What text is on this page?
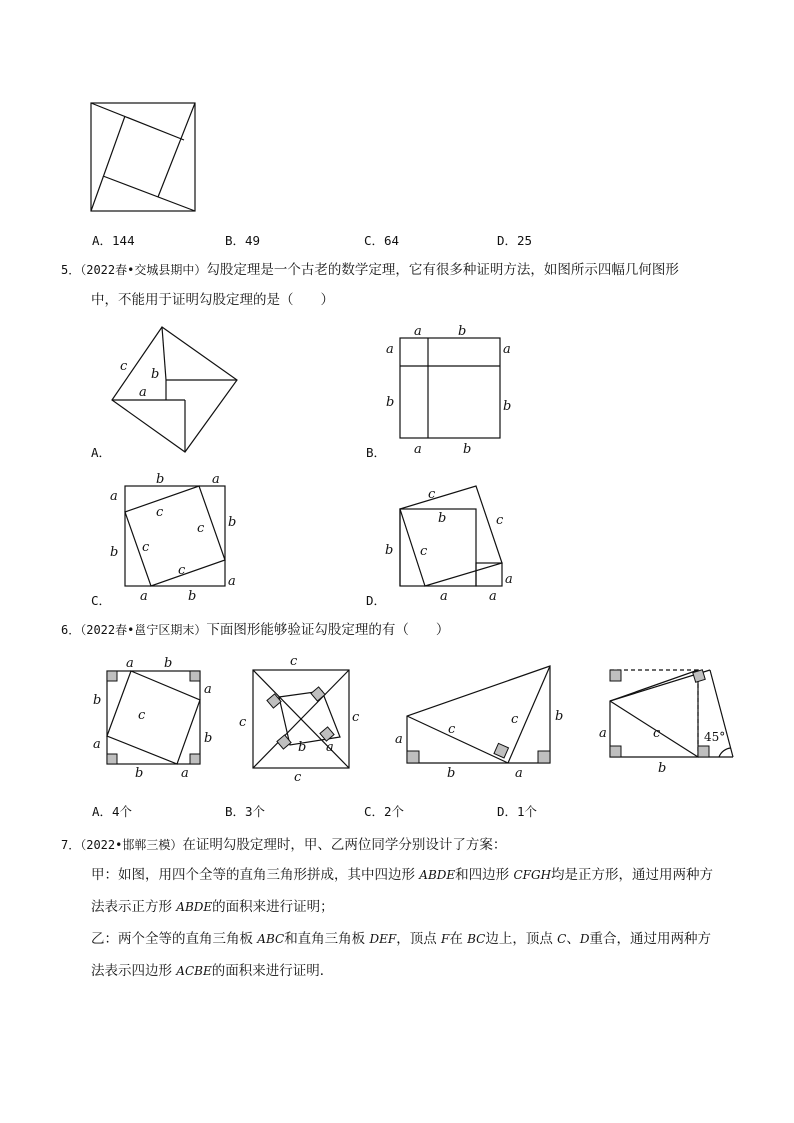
A．144	B．49	C．64	D．25
5．（2022春•交城县期中）勾股定理是一个古老的数学定理，它有很多种证明方法，如图所示四幅几何图形
中，不能用于证明勾股定理的是（　　）
c
b
a
a	b
a	a
b	b
a	b
a
b	a
b
b
a
a	b
c
c
c
c
c
b	c
b c
a
a	a
A．	B．
C．	D．
6．（2022春•邕宁区期末）下面图形能够验证勾股定理的有（　　）
a b
b
a
c
a	b
b	a
c
c	c
c
b a
a
c
c	b
b	a
a	c
b
45°
A．4个	B．3个	C．2个	D．1个
7．（2022•邯郸三模）在证明勾股定理时，甲、乙两位同学分别设计了方案：
甲：如图，用四个全等的直角三角形拼成，其中四边形 ABDE和四边形 CFGH均是正方形，通过用两种方
法表示正方形 ABDE的面积来进行证明；
乙：两个全等的直角三角板 ABC和直角三角板 DEF，顶点 F在 BC边上，顶点 C、D重合，通过用两种方
法表示四边形 ACBE的面积来进行证明．
